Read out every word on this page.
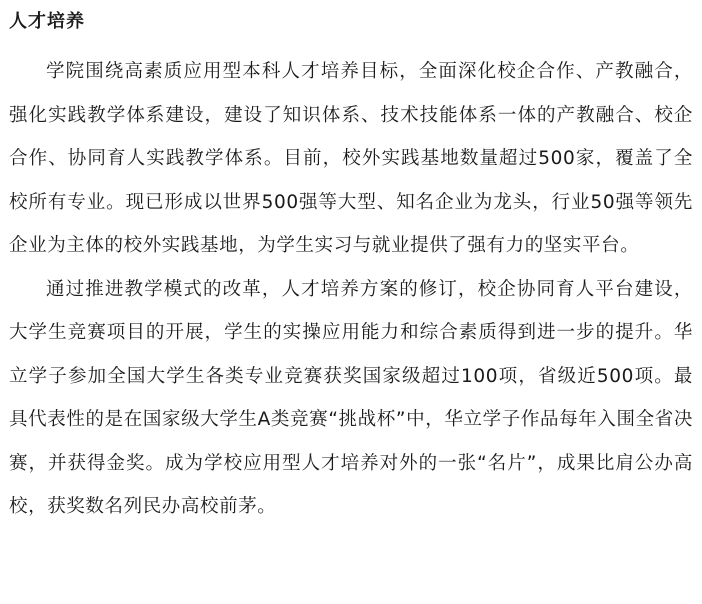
人才培养

学院围绕高素质应用型本科人才培养目标，全面深化校企合作、产教融合，强化实践教学体系建设，建设了知识体系、技术技能体系一体的产教融合、校企合作、协同育人实践教学体系。目前，校外实践基地数量超过500家，覆盖了全校所有专业。现已形成以世界500强等大型、知名企业为龙头，行业50强等领先企业为主体的校外实践基地，为学生实习与就业提供了强有力的坚实平台。

通过推进教学模式的改革，人才培养方案的修订，校企协同育人平台建设，大学生竞赛项目的开展，学生的实操应用能力和综合素质得到进一步的提升。华立学子参加全国大学生各类专业竞赛获奖国家级超过100项，省级近500项。最具代表性的是在国家级大学生A类竞赛“挑战杯”中，华立学子作品每年入围全省决赛，并获得金奖。成为学校应用型人才培养对外的一张“名片”，成果比肩公办高校，获奖数名列民办高校前茅。
